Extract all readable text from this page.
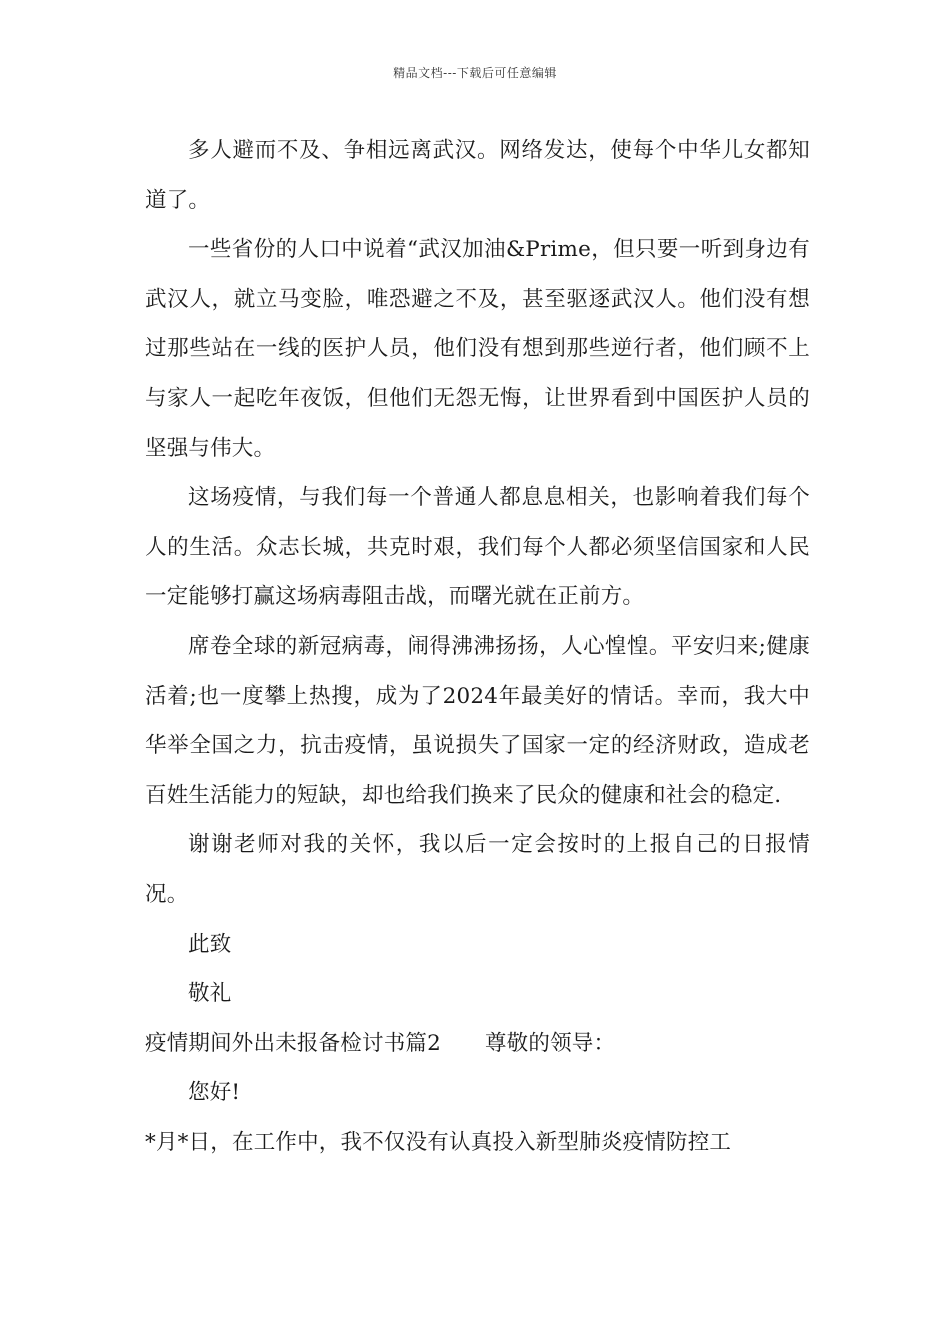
精品文档---下载后可任意编辑

多人避而不及、争相远离武汉。网络发达，使每个中华儿女都知道了。

一些省份的人口中说着“武汉加油&Prime，但只要一听到身边有武汉人，就立马变脸，唯恐避之不及，甚至驱逐武汉人。他们没有想过那些站在一线的医护人员，他们没有想到那些逆行者，他们顾不上与家人一起吃年夜饭，但他们无怨无悔，让世界看到中国医护人员的坚强与伟大。

这场疫情，与我们每一个普通人都息息相关，也影响着我们每个人的生活。众志长城，共克时艰，我们每个人都必须坚信国家和人民一定能够打赢这场病毒阻击战，而曙光就在正前方。

席卷全球的新冠病毒，闹得沸沸扬扬，人心惶惶。平安归来;健康活着;也一度攀上热搜，成为了2024年最美好的情话。幸而，我大中华举全国之力，抗击疫情，虽说损失了国家一定的经济财政，造成老百姓生活能力的短缺，却也给我们换来了民众的健康和社会的稳定.

谢谢老师对我的关怀，我以后一定会按时的上报自己的日报情况。

此致

敬礼

疫情期间外出未报备检讨书篇2 尊敬的领导：

您好!

*月*日，在工作中，我不仅没有认真投入新型肺炎疫情防控工
